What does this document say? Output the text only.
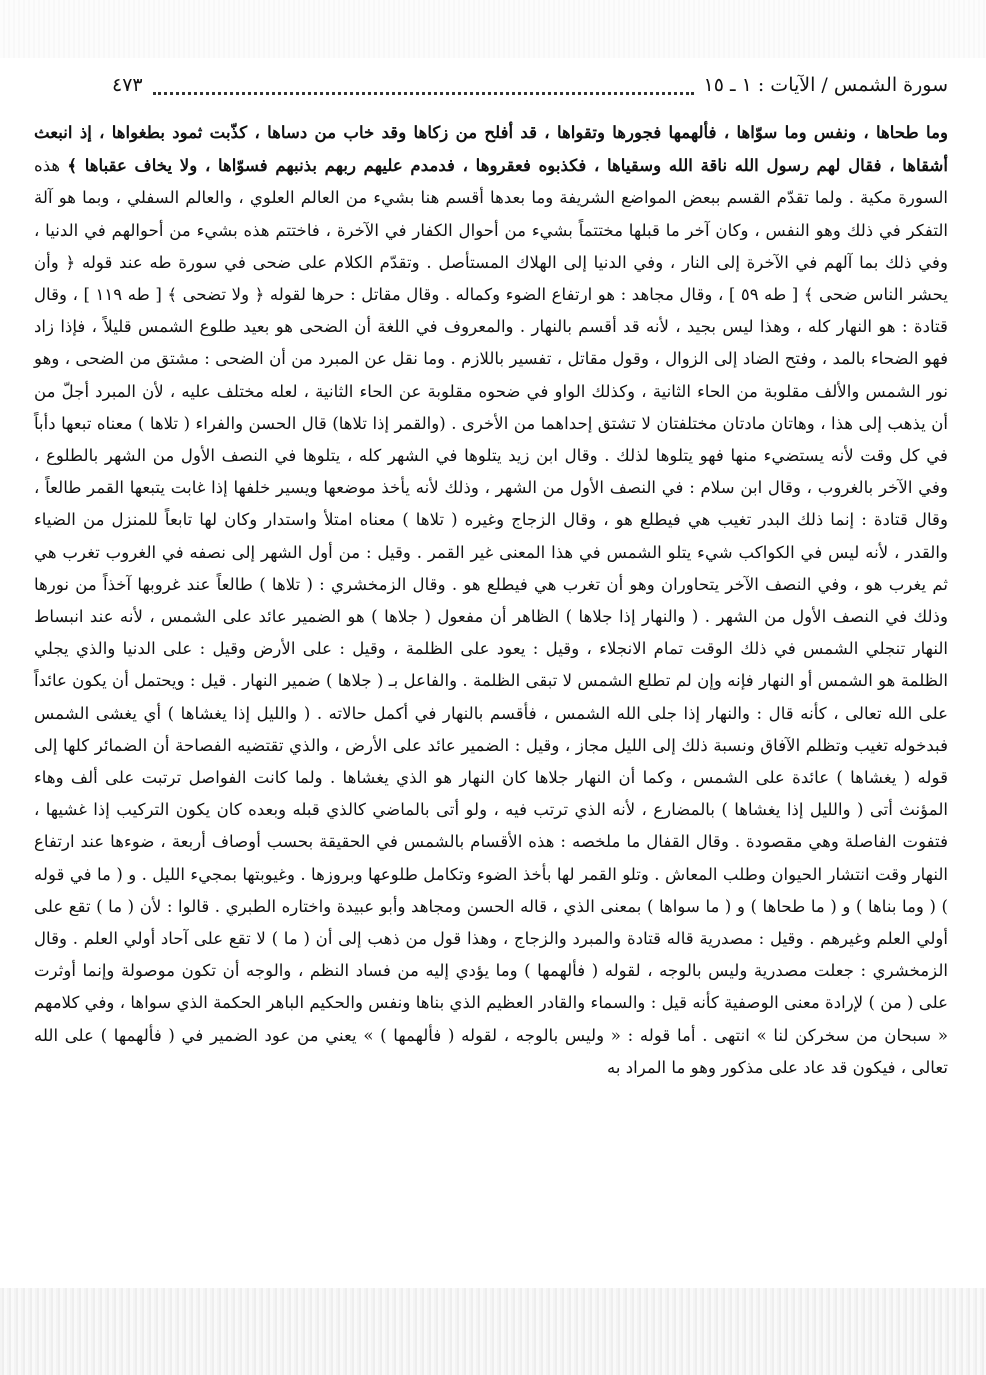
سورة الشمس / الآيات : ١ ـ ١٥
٤٧٣

وما طحاها ، ونفس وما سوّاها ، فألهمها فجورها وتقواها ، قد أفلح من زكاها وقد خاب من دساها ، كذّبت ثمود بطغواها ، إذ انبعث أشقاها ، فقال لهم رسول الله ناقة الله وسقياها ، فكذبوه فعقروها ، فدمدم عليهم ربهم بذنبهم فسوّاها ، ولا يخاف عقباها ﴾ هذه السورة مكية . ولما تقدّم القسم ببعض المواضع الشريفة وما بعدها أقسم هنا بشيء من العالم العلوي ، والعالم السفلي ، وبما هو آلة التفكر في ذلك وهو النفس ، وكان آخر ما قبلها مختتماً بشيء من أحوال الكفار في الآخرة ، فاختتم هذه بشيء من أحوالهم في الدنيا ، وفي ذلك بما آلهم في الآخرة إلى النار ، وفي الدنيا إلى الهلاك المستأصل . وتقدّم الكلام على ضحى في سورة طه عند قوله ﴿ وأن يحشر الناس ضحى ﴾ [ طه ٥٩ ] ، وقال مجاهد : هو ارتفاع الضوء وكماله . وقال مقاتل : حرها لقوله ﴿ ولا تضحى ﴾ [ طه ١١٩ ] ، وقال قتادة : هو النهار كله ، وهذا ليس بجيد ، لأنه قد أقسم بالنهار . والمعروف في اللغة أن الضحى هو بعيد طلوع الشمس قليلاً ، فإذا زاد فهو الضحاء بالمد ، وفتح الضاد إلى الزوال ، وقول مقاتل ، تفسير باللازم . وما نقل عن المبرد من أن الضحى : مشتق من الضحى ، وهو نور الشمس والألف مقلوبة من الحاء الثانية ، وكذلك الواو في ضحوه مقلوبة عن الحاء الثانية ، لعله مختلف عليه ، لأن المبرد أجلّ من أن يذهب إلى هذا ، وهاتان مادتان مختلفتان لا تشتق إحداهما من الأخرى . (والقمر إذا تلاها) قال الحسن والفراء ( تلاها ) معناه تبعها دأباً في كل وقت لأنه يستضيء منها فهو يتلوها لذلك . وقال ابن زيد يتلوها في الشهر كله ، يتلوها في النصف الأول من الشهر بالطلوع ، وفي الآخر بالغروب ، وقال ابن سلام : في النصف الأول من الشهر ، وذلك لأنه يأخذ موضعها ويسير خلفها إذا غابت يتبعها القمر طالعاً ، وقال قتادة : إنما ذلك البدر تغيب هي فيطلع هو ، وقال الزجاج وغيره ( تلاها ) معناه امتلأ واستدار وكان لها تابعاً للمنزل من الضياء والقدر ، لأنه ليس في الكواكب شيء يتلو الشمس في هذا المعنى غير القمر . وقيل : من أول الشهر إلى نصفه في الغروب تغرب هي ثم يغرب هو ، وفي النصف الآخر يتحاوران وهو أن تغرب هي فيطلع هو . وقال الزمخشري : ( تلاها ) طالعاً عند غروبها آخذاً من نورها وذلك في النصف الأول من الشهر . ( والنهار إذا جلاها ) الظاهر أن مفعول ( جلاها ) هو الضمير عائد على الشمس ، لأنه عند انبساط النهار تنجلي الشمس في ذلك الوقت تمام الانجلاء ، وقيل : يعود على الظلمة ، وقيل : على الأرض وقيل : على الدنيا والذي يجلي الظلمة هو الشمس أو النهار فإنه وإن لم تطلع الشمس لا تبقى الظلمة . والفاعل بـ ( جلاها ) ضمير النهار . قيل : ويحتمل أن يكون عائداً على الله تعالى ، كأنه قال : والنهار إذا جلى الله الشمس ، فأقسم بالنهار في أكمل حالاته . ( والليل إذا يغشاها ) أي يغشى الشمس فبدخوله تغيب وتظلم الآفاق ونسبة ذلك إلى الليل مجاز ، وقيل : الضمير عائد على الأرض ، والذي تقتضيه الفصاحة أن الضمائر كلها إلى قوله ( يغشاها ) عائدة على الشمس ، وكما أن النهار جلاها كان النهار هو الذي يغشاها . ولما كانت الفواصل ترتبت على ألف وهاء المؤنث أتى ( والليل إذا يغشاها ) بالمضارع ، لأنه الذي ترتب فيه ، ولو أتى بالماضي كالذي قبله وبعده كان يكون التركيب إذا غشيها ، فتفوت الفاصلة وهي مقصودة . وقال القفال ما ملخصه : هذه الأقسام بالشمس في الحقيقة بحسب أوصاف أربعة ، ضوءها عند ارتفاع النهار وقت انتشار الحيوان وطلب المعاش . وتلو القمر لها بأخذ الضوء وتكامل طلوعها وبروزها . وغيوبتها بمجيء الليل . و ( ما في قوله ) ( وما بناها ) و ( ما طحاها ) و ( ما سواها ) بمعنى الذي ، قاله الحسن ومجاهد وأبو عبيدة واختاره الطبري . قالوا : لأن ( ما ) تقع على أولي العلم وغيرهم . وقيل : مصدرية قاله قتادة والمبرد والزجاج ، وهذا قول من ذهب إلى أن ( ما ) لا تقع على آحاد أولي العلم . وقال الزمخشري : جعلت مصدرية وليس بالوجه ، لقوله ( فألهمها ) وما يؤدي إليه من فساد النظم ، والوجه أن تكون موصولة وإنما أوثرت على ( من ) لإرادة معنى الوصفية كأنه قيل : والسماء والقادر العظيم الذي بناها ونفس والحكيم الباهر الحكمة الذي سواها ، وفي كلامهم « سبحان من سخركن لنا » انتهى . أما قوله : « وليس بالوجه ، لقوله ( فألهمها ) » يعني من عود الضمير في ( فألهمها ) على الله تعالى ، فيكون قد عاد على مذكور وهو ما المراد به
